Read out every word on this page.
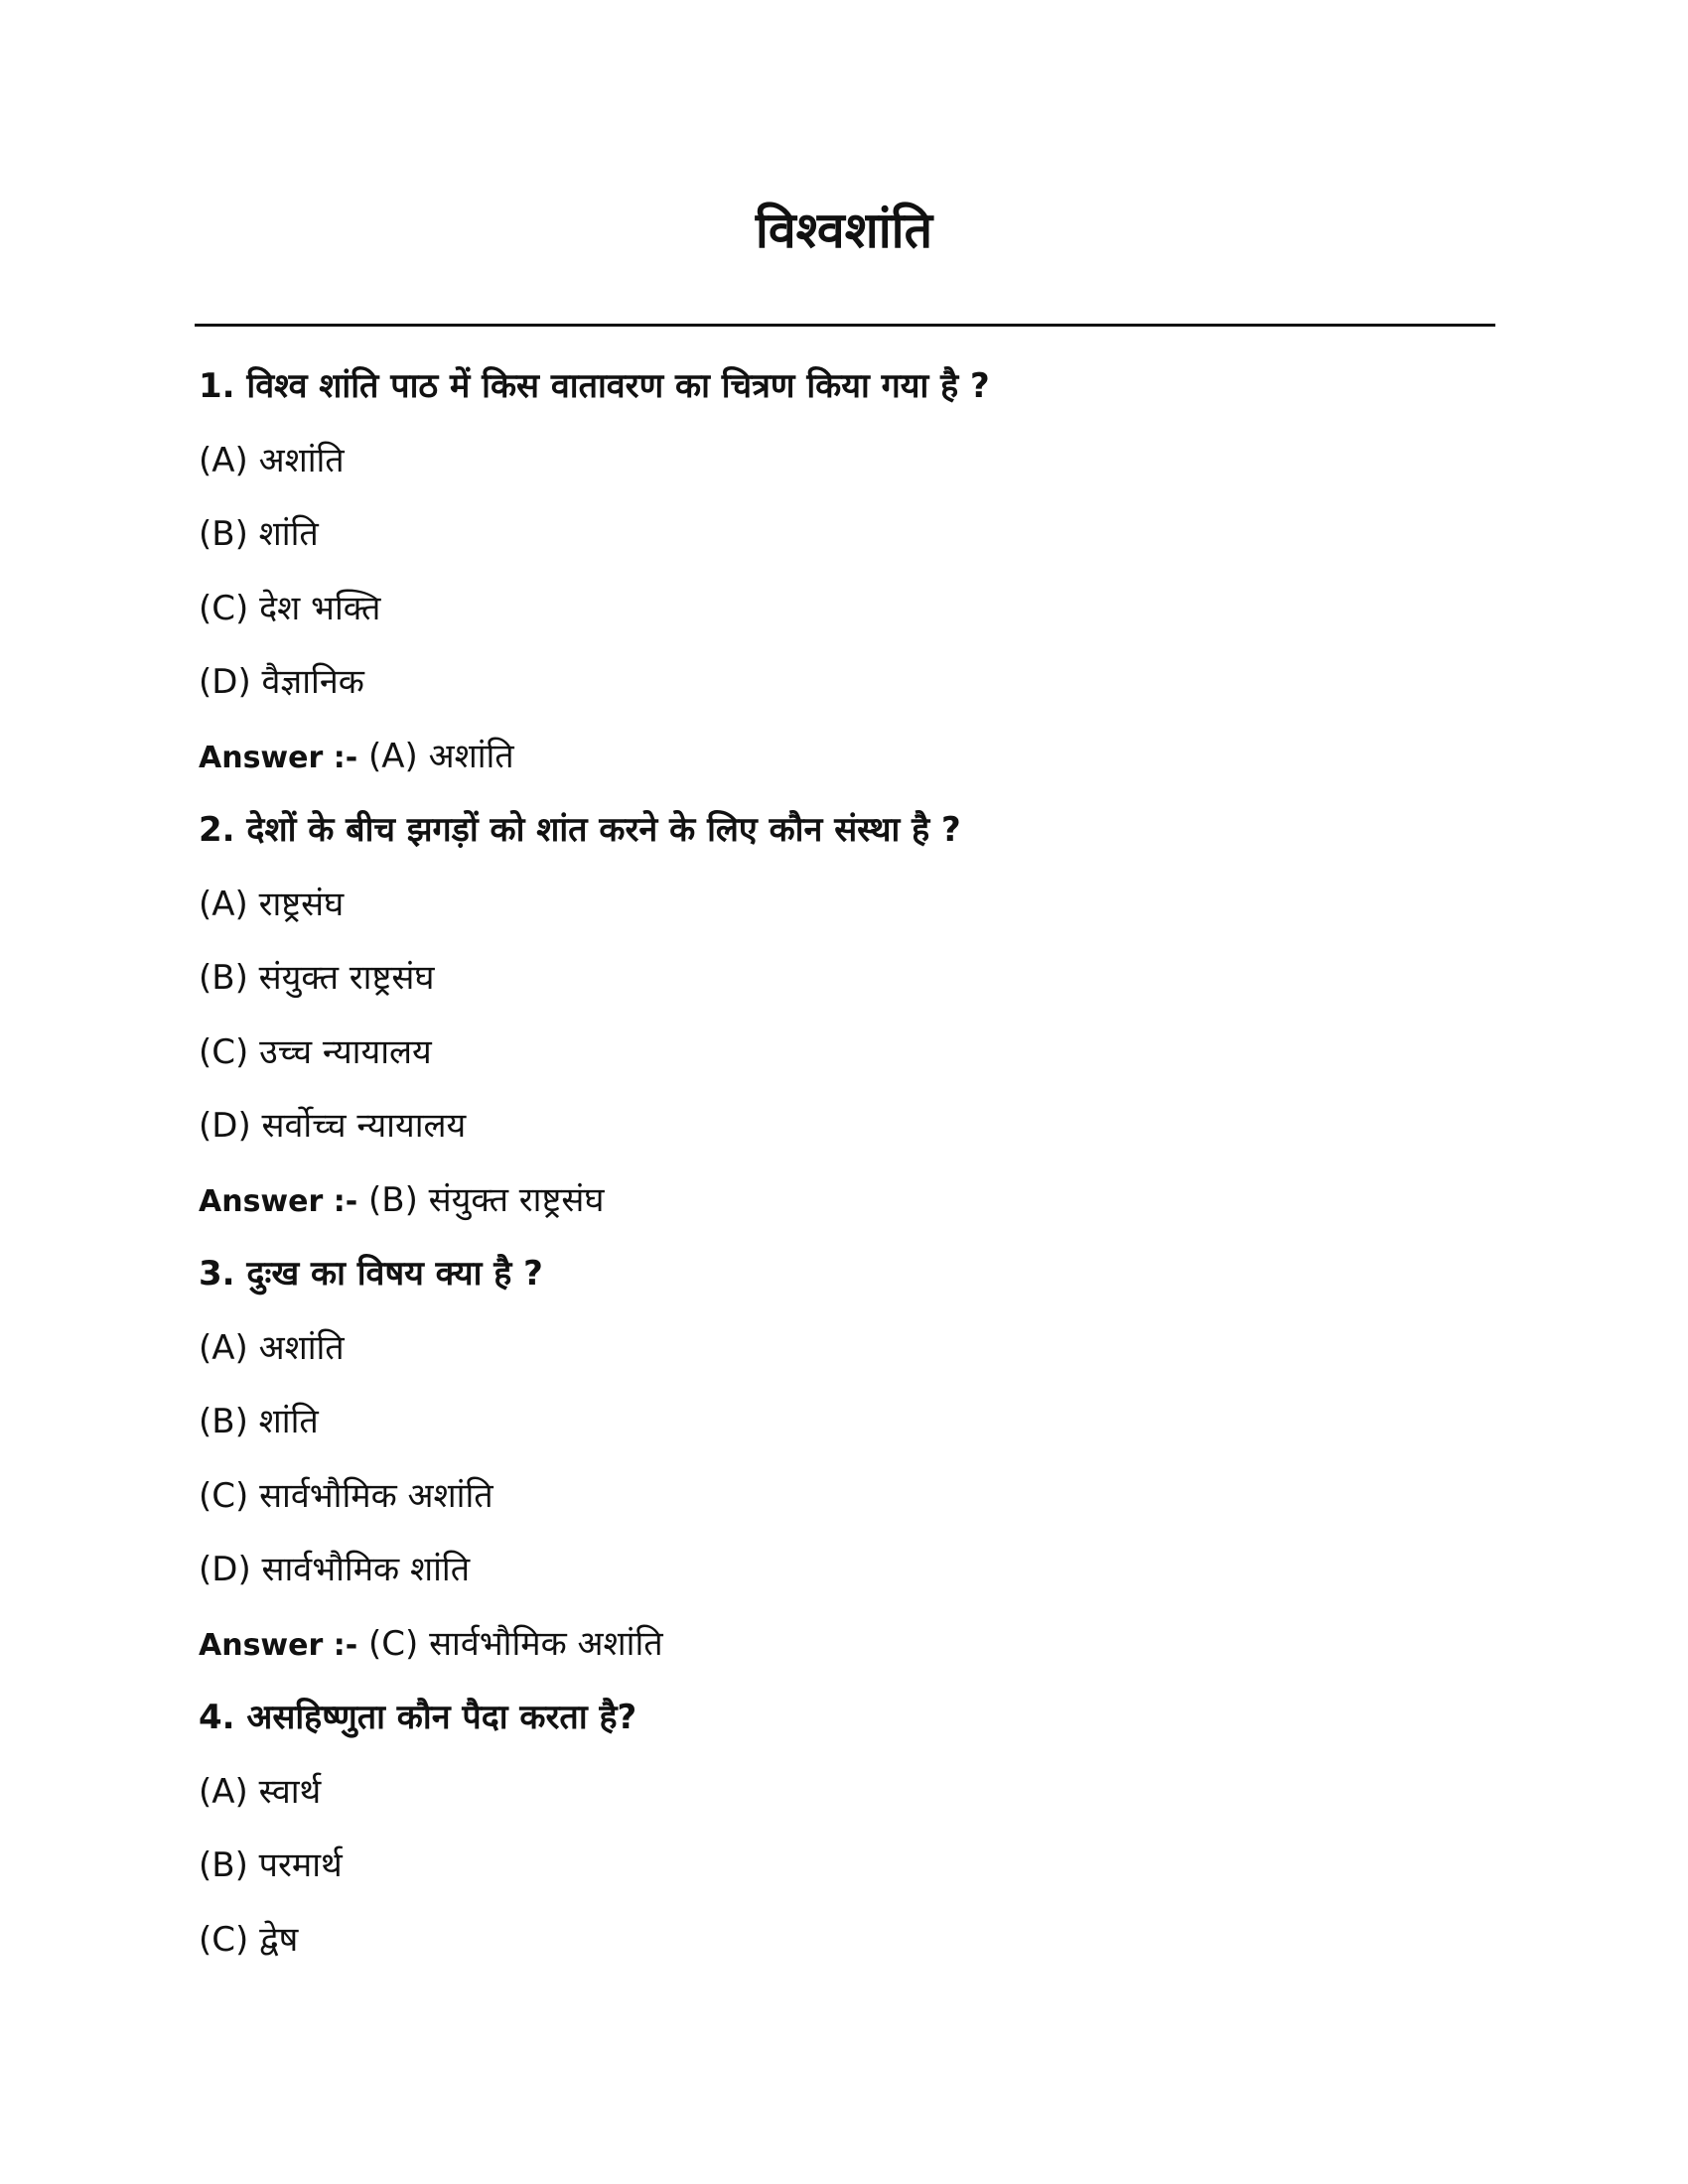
विश्वशांति
1. विश्व शांति पाठ में किस वातावरण का चित्रण किया गया है ?
(A) अशांति
(B) शांति
(C) देश भक्ति
(D) वैज्ञानिक
Answer :- (A) अशांति
2. देशों के बीच झगड़ों को शांत करने के लिए कौन संस्था है ?
(A) राष्ट्रसंघ
(B) संयुक्त राष्ट्रसंघ
(C) उच्च न्यायालय
(D) सर्वोच्च न्यायालय
Answer :- (B) संयुक्त राष्ट्रसंघ
3. दुःख का विषय क्या है ?
(A) अशांति
(B) शांति
(C) सार्वभौमिक अशांति
(D) सार्वभौमिक शांति
Answer :- (C) सार्वभौमिक अशांति
4. असहिष्णुता कौन पैदा करता है?
(A) स्वार्थ
(B) परमार्थ
(C) द्वेष
